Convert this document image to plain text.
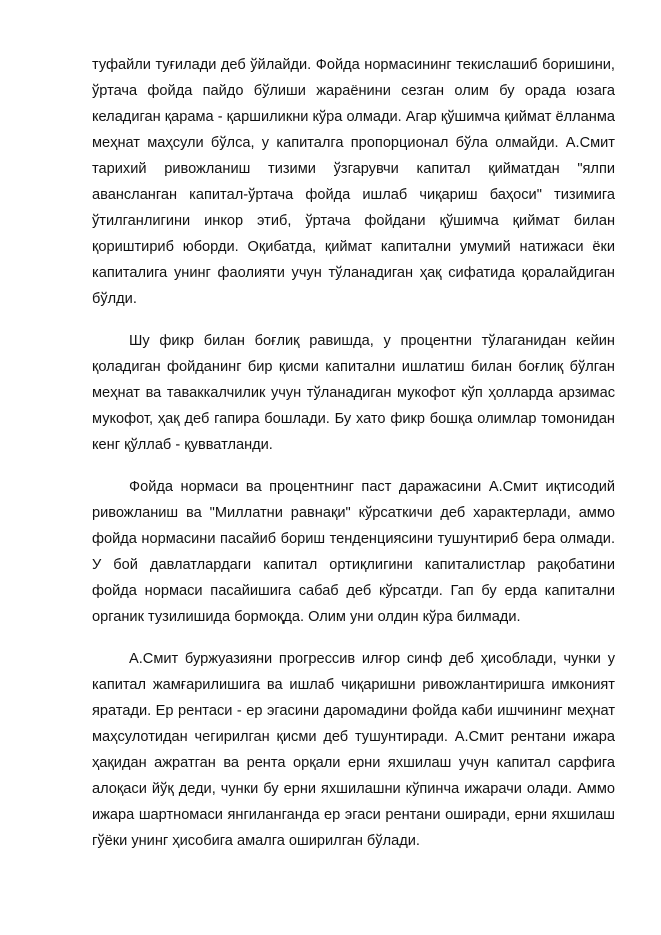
туфайли туғилади деб ўйлайди. Фойда нормасининг текислашиб боришини, ўртача фойда пайдо бўлиши жараёнини сезган олим бу орада юзага келадиган қарама - қаршиликни кўра олмади. Агар қўшимча қиймат ёлланма меҳнат маҳсули бўлса, у капиталга пропорционал бўла олмайди. А.Смит тарихий ривожланиш тизими ўзгарувчи капитал қийматдан "ялпи авансланган капитал-ўртача фойда ишлаб чиқариш баҳоси" тизимига ўтилганлигини инкор этиб, ўртача фойдани қўшимча қиймат билан қориштириб юборди. Оқибатда, қиймат капитални умумий натижаси ёки капиталига унинг фаолияти учун тўланадиган ҳақ сифатида қоралайдиган бўлди.

Шу фикр билан боғлиқ равишда, у процентни тўлаганидан кейин қоладиган фойданинг бир қисми капитални ишлатиш билан боғлиқ бўлган меҳнат ва таваккалчилик учун тўланадиган мукофот кўп ҳолларда арзимас мукофот, ҳақ деб гапира бошлади. Бу хато фикр бошқа олимлар томонидан кенг қўллаб - қувватланди.

Фойда нормаси ва процентнинг паст даражасини А.Смит иқтисодий ривожланиш ва "Миллатни равнақи" кўрсаткичи деб характерлади, аммо фойда нормасини пасайиб бориш тенденциясини тушунтириб бера олмади. У бой давлатлардаги капитал ортиқлигини капиталистлар рақобатини фойда нормаси пасайишига сабаб деб кўрсатди. Гап бу ерда капитални органик тузилишида бормоқда. Олим уни олдин кўра билмади.

А.Смит буржуазияни прогрессив илғор синф деб ҳисоблади, чунки у капитал жамғарилишига ва ишлаб чиқаришни ривожлантиришга имконият яратади. Ер рентаси - ер эгасини даромадини фойда каби ишчининг меҳнат маҳсулотидан чегирилган қисми деб тушунтиради. А.Смит рентани ижара ҳақидан ажратган ва рента орқали ерни яхшилаш учун капитал сарфига алоқаси йўқ деди, чунки бу ерни яхшилашни кўпинча ижарачи олади. Аммо ижара шартномаси янгиланганда ер эгаси рентани оширади, ерни яхшилаш гўёки унинг ҳисобига амалга оширилган бўлади.
